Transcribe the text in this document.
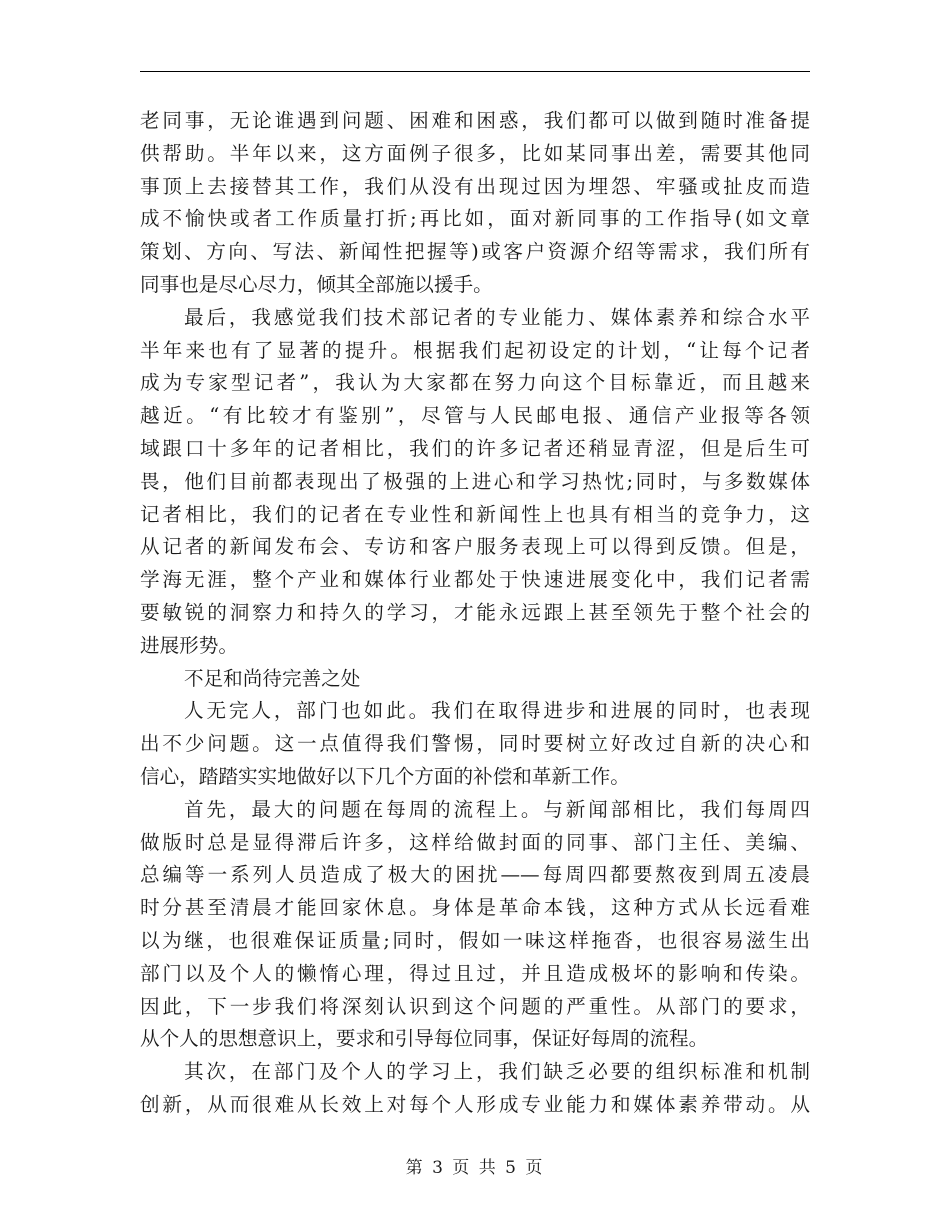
老同事，无论谁遇到问题、困难和困惑，我们都可以做到随时准备提
供帮助。半年以来，这方面例子很多，比如某同事出差，需要其他同
事顶上去接替其工作，我们从没有出现过因为埋怨、牢骚或扯皮而造
成不愉快或者工作质量打折;再比如，面对新同事的工作指导(如文章
策划、方向、写法、新闻性把握等)或客户资源介绍等需求，我们所有
同事也是尽心尽力，倾其全部施以援手。
最后，我感觉我们技术部记者的专业能力、媒体素养和综合水平
半年来也有了显著的提升。根据我们起初设定的计划，“让每个记者
成为专家型记者”，我认为大家都在努力向这个目标靠近，而且越来
越近。“有比较才有鉴别”，尽管与人民邮电报、通信产业报等各领
域跟口十多年的记者相比，我们的许多记者还稍显青涩，但是后生可
畏，他们目前都表现出了极强的上进心和学习热忱;同时，与多数媒体
记者相比，我们的记者在专业性和新闻性上也具有相当的竞争力，这
从记者的新闻发布会、专访和客户服务表现上可以得到反馈。但是，
学海无涯，整个产业和媒体行业都处于快速进展变化中，我们记者需
要敏锐的洞察力和持久的学习，才能永远跟上甚至领先于整个社会的
进展形势。
不足和尚待完善之处
人无完人，部门也如此。我们在取得进步和进展的同时，也表现
出不少问题。这一点值得我们警惕，同时要树立好改过自新的决心和
信心，踏踏实实地做好以下几个方面的补偿和革新工作。
首先，最大的问题在每周的流程上。与新闻部相比，我们每周四
做版时总是显得滞后许多，这样给做封面的同事、部门主任、美编、
总编等一系列人员造成了极大的困扰——每周四都要熬夜到周五凌晨
时分甚至清晨才能回家休息。身体是革命本钱，这种方式从长远看难
以为继，也很难保证质量;同时，假如一味这样拖沓，也很容易滋生出
部门以及个人的懒惰心理，得过且过，并且造成极坏的影响和传染。
因此，下一步我们将深刻认识到这个问题的严重性。从部门的要求，
从个人的思想意识上，要求和引导每位同事，保证好每周的流程。
其次，在部门及个人的学习上，我们缺乏必要的组织标准和机制
创新，从而很难从长效上对每个人形成专业能力和媒体素养带动。从
第 3 页 共 5 页
